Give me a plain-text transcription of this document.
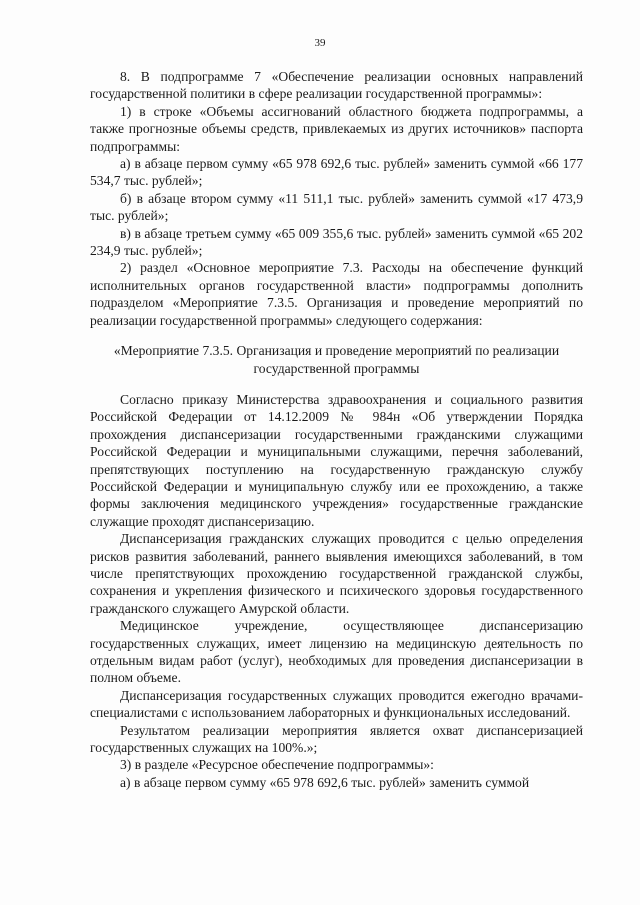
39

8. В подпрограмме 7 «Обеспечение реализации основных направлений государственной политики в сфере реализации государственной программы»:

1) в строке «Объемы ассигнований областного бюджета подпрограммы, а также прогнозные объемы средств, привлекаемых из других источников» паспорта подпрограммы:

а) в абзаце первом сумму «65 978 692,6 тыс. рублей» заменить суммой «66 177 534,7 тыс. рублей»;

б) в абзаце втором сумму «11 511,1 тыс. рублей» заменить суммой «17 473,9 тыс. рублей»;

в) в абзаце третьем сумму «65 009 355,6 тыс. рублей» заменить суммой «65 202 234,9 тыс. рублей»;

2) раздел «Основное мероприятие 7.3. Расходы на обеспечение функций исполнительных органов государственной власти» подпрограммы дополнить подразделом «Мероприятие 7.3.5. Организация и проведение мероприятий по реализации государственной программы» следующего содержания:

«Мероприятие 7.3.5. Организация и проведение мероприятий по реализации государственной программы

Согласно приказу Министерства здравоохранения и социального развития Российской Федерации от 14.12.2009 № 984н «Об утверждении Порядка прохождения диспансеризации государственными гражданскими служащими Российской Федерации и муниципальными служащими, перечня заболеваний, препятствующих поступлению на государственную гражданскую службу Российской Федерации и муниципальную службу или ее прохождению, а также формы заключения медицинского учреждения» государственные гражданские служащие проходят диспансеризацию.

Диспансеризация гражданских служащих проводится с целью определения рисков развития заболеваний, раннего выявления имеющихся заболеваний, в том числе препятствующих прохождению государственной гражданской службы, сохранения и укрепления физического и психического здоровья государственного гражданского служащего Амурской области.

Медицинское учреждение, осуществляющее диспансеризацию государственных служащих, имеет лицензию на медицинскую деятельность по отдельным видам работ (услуг), необходимых для проведения диспансеризации в полном объеме.

Диспансеризация государственных служащих проводится ежегодно врачами-специалистами с использованием лабораторных и функциональных исследований.

Результатом реализации мероприятия является охват диспансеризацией государственных служащих на 100%.»;

3) в разделе «Ресурсное обеспечение подпрограммы»:

а) в абзаце первом сумму «65 978 692,6 тыс. рублей» заменить суммой
